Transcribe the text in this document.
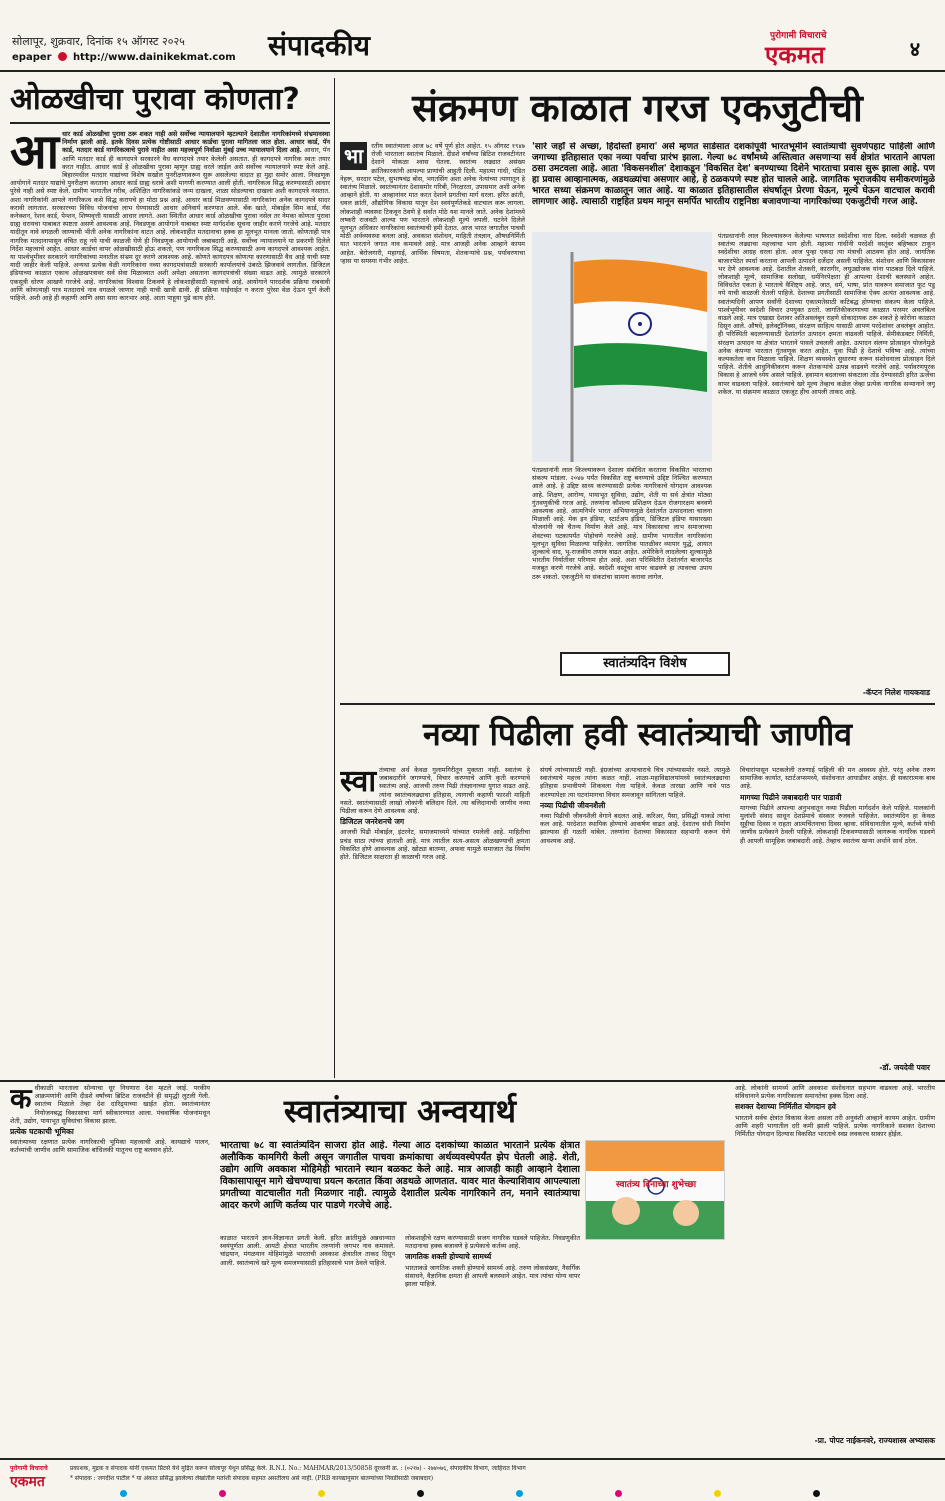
सोलापूर, शुक्रवार, दिनांक १५ ऑगस्ट २०२५
epaper http://www.dainikekmat.com संपादकीय	पुरोगामी विचाराचे
एकमत	४
ओळखीचा पुरावा कोणता?
आ धार कार्ड ओळखीचा पुरावा ठरू शकत नाही असे सर्वोच्च न्यायालयाने म्हटल्याने देशातील नागरिकांमध्ये संभ्रमावस्था निर्माण झाली आहे. इतके दिवस प्रत्येक गोष्टीसाठी आधार कार्डचा पुरावा मागितला जात होता. आधार कार्ड, पॅन कार्ड, मतदार कार्ड नागरिकत्वाचे पुरावे नाहीत असा महत्त्वपूर्ण निर्वाळा मुंबई उच्च न्यायालयाने दिला आहे. आधार, पॅन आणि मतदार कार्ड ही कागदपत्रे सरकारने वैध कागदपत्रे तयार केलेली असतात. ही कागदपत्रे नागरिक स्वतः तयार करत नाहीत. आधार कार्ड हे ओळखीचा पुरावा म्हणून ग्राह्य धरले जाईल असे सर्वोच्च न्यायालयाने स्पष्ट केले आहे. बिहारमधील मतदार याद्यांच्या विशेष सखोल पुनरीक्षणावरून सुरू असलेल्या वादात हा मुद्दा समोर आला. निवडणूक आयोगाने मतदार याद्यांचे पुनरीक्षण करताना आधार कार्ड ग्राह्य धरावे अशी मागणी करण्यात आली होती. नागरिकत्व सिद्ध करण्यासाठी आधार पुरेसे नाही असे स्पष्ट केले. ग्रामीण भागातील गरीब, अशिक्षित नागरिकांकडे जन्म दाखला, शाळा सोडल्याचा दाखला अशी कागदपत्रे नसतात. अशा नागरिकांनी आपले नागरिकत्व कसे सिद्ध करायचे हा मोठा प्रश्न आहे. आधार कार्ड मिळवण्यासाठी नागरिकांना अनेक कागदपत्रे सादर करावी लागतात. सरकारच्या विविध योजनांचा लाभ घेण्यासाठी आधार अनिवार्य करण्यात आले. बँक खाते, मोबाईल सिम कार्ड, गॅस कनेक्शन, रेशन कार्ड, पेन्शन, शिष्यवृत्ती यासाठी आधार लागते. अशा स्थितीत आधार कार्ड ओळखीचा पुरावा नसेल तर नेमका कोणता पुरावा ग्राह्य धरायचा याबाबत स्पष्टता असणे आवश्यक आहे. निवडणूक आयोगाने याबाबत स्पष्ट मार्गदर्शक सूचना जाहीर करणे गरजेचे आहे. मतदार यादीतून नावे वगळली जाण्याची भीती अनेक नागरिकांना वाटत आहे. लोकशाहीत मतदानाचा हक्क हा मूलभूत मानला जातो. कोणताही पात्र नागरिक मतदानापासून वंचित राहू नये याची काळजी घेणे ही निवडणूक आयोगाची जबाबदारी आहे. सर्वोच्च न्यायालयाने या प्रकरणी दिलेले निर्देश महत्त्वाचे आहेत. आधार कार्डचा वापर ओळखीसाठी होऊ शकतो, पण नागरिकत्व सिद्ध करण्यासाठी अन्य कागदपत्रे आवश्यक आहेत. या पार्श्वभूमीवर सरकारने नागरिकांच्या मनातील संभ्रम दूर करणे आवश्यक आहे. कोणते कागदपत्र कोणत्या कारणासाठी वैध आहे याची स्पष्ट यादी जाहीर केली पाहिजे. अन्यथा प्रत्येक वेळी नागरिकांना नव्या कागदपत्रांसाठी सरकारी कार्यालयांचे उंबरठे झिजवावे लागतील. डिजिटल इंडियाच्या काळात एकाच ओळखपत्रावर सर्व सेवा मिळाव्यात अशी अपेक्षा असताना कागदपत्रांची संख्या वाढत आहे. त्यामुळे सरकारने एकसूत्री धोरण आखणे गरजेचे आहे. नागरिकांचा विश्वास टिकवणे हे लोकशाहीसाठी महत्त्वाचे आहे. आयोगाने पारदर्शक प्रक्रिया राबवावी आणि कोणत्याही पात्र मतदाराचे नाव वगळले जाणार नाही याची खात्री द्यावी. ही प्रक्रिया घाईघाईत न करता पुरेसा वेळ देऊन पूर्ण केली पाहिजे. अशी आहे ही कहाणी आणि असा सारा कारभार आहे. आता पाहूया पुढे काय होते.
संक्रमण काळात गरज एकजुटीची
भा	रतीय स्वातंत्र्याला आज ७८ वर्षे पूर्ण होत आहेत. १५ ऑगस्ट १९४७ रोजी भारताला स्वातंत्र्य मिळाले. दीडशे वर्षांच्या ब्रिटिश राजवटीनंतर देशाने मोकळा श्वास घेतला. स्वातंत्र्य लढ्यात असंख्य क्रांतिकारकांनी आपल्या प्राणांची आहुती दिली. महात्मा गांधी, पंडित नेहरू, सरदार पटेल, सुभाषचंद्र बोस, भगतसिंग अशा अनेक नेत्यांच्या त्यागातून हे स्वातंत्र्य मिळाले. स्वातंत्र्यानंतर देशासमोर गरिबी, निरक्षरता, उपासमार अशी अनेक आव्हाने होती. या आव्हानांवर मात करत देशाने प्रगतीचा मार्ग धरला. हरित क्रांती, धवल क्रांती, औद्योगिक विकास यातून देश स्वयंपूर्णतेकडे वाटचाल करू लागला. लोकशाही व्यवस्था टिकवून ठेवणे हे सर्वात मोठे यश मानले जाते. अनेक देशांमध्ये लष्करी राजवटी आल्या पण भारताने लोकशाही मूल्ये जपली. घटनेने दिलेले मूलभूत अधिकार नागरिकांना स्वातंत्र्याची हमी देतात. आज भारत जगातील पाचवी मोठी अर्थव्यवस्था बनला आहे. अवकाश संशोधन, माहिती तंत्रज्ञान, औषधनिर्मिती यात भारताने जगात नाव कमावले आहे. मात्र आजही अनेक आव्हाने कायम आहेत. बेरोजगारी, महागाई, आर्थिक विषमता, शेतकऱ्यांचे प्रश्न, पर्यावरणाचा ऱ्हास या समस्या गंभीर आहेत.
'सारे जहाँ से अच्छा, हिंदोस्ताँ हमारा' असे म्हणत साडेसात दशकांपूर्वी भारतभूमीने स्वातंत्र्याची सुवर्णपहाट पाहिली आणि जगाच्या इतिहासात एका नव्या पर्वाचा प्रारंभ झाला. गेल्या ७८ वर्षांमध्ये अस्तित्वात असणाऱ्या सर्व क्षेत्रांत भारताने आपला ठसा उमटवला आहे. आता 'विकसनशील' देशाकडून 'विकसित देश' बनण्याच्या दिशेने भारताचा प्रवास सुरू झाला आहे. पण हा प्रवास आव्हानात्मक, अडथळ्यांचा असणार आहे, हे ठळकपणे स्पष्ट होत चालले आहे. जागतिक भूराजकीय समीकरणांमुळे भारत सध्या संक्रमण काळातून जात आहे. या काळात इतिहासातील संघर्षातून प्रेरणा घेऊन, मूल्ये घेऊन वाटचाल करावी लागणार आहे. त्यासाठी राष्ट्रहित प्रथम मानून समर्पित भारतीय राष्ट्रनिष्ठा बजावणाऱ्या नागरिकांच्या एकजुटीची गरज आहे.
पंतप्रधानांनी लाल किल्ल्यावरून देशाला संबोधित करताना विकसित भारताचा संकल्प मांडला. २०४७ पर्यंत विकसित राष्ट्र बनण्याचे उद्दिष्ट निश्चित करण्यात आले आहे. हे उद्दिष्ट साध्य करण्यासाठी प्रत्येक नागरिकाचे योगदान आवश्यक आहे. शिक्षण, आरोग्य, पायाभूत सुविधा, उद्योग, शेती या सर्व क्षेत्रांत मोठ्या गुंतवणुकीची गरज आहे. तरुणांना कौशल्य प्रशिक्षण देऊन रोजगारक्षम बनवणे आवश्यक आहे. आत्मनिर्भर भारत अभियानामुळे देशांतर्गत उत्पादनाला चालना मिळाली आहे. मेक इन इंडिया, स्टार्टअप इंडिया, डिजिटल इंडिया यासारख्या योजनांनी नवे चैतन्य निर्माण केले आहे. मात्र विकासाचा लाभ समाजाच्या शेवटच्या घटकापर्यंत पोहोचणे गरजेचे आहे. ग्रामीण भागातील नागरिकांना मूलभूत सुविधा मिळाल्या पाहिजेत. जागतिक पातळीवर व्यापार युद्धे, आयात शुल्काचे वाद, भू-राजकीय तणाव वाढत आहेत. अमेरिकेने लादलेल्या शुल्कामुळे भारतीय निर्यातीवर परिणाम होत आहे. अशा परिस्थितीत देशांतर्गत बाजारपेठ मजबूत करणे गरजेचे आहे. स्वदेशी वस्तूंचा वापर वाढवणे हा त्यावरचा उपाय ठरू शकतो. एकजुटीने या संकटांचा सामना करावा लागेल.
पंतप्रधानांनी लाल किल्ल्यावरून केलेल्या भाषणात स्वदेशीचा नारा दिला. स्वदेशी चळवळ ही स्वातंत्र्य लढ्याचा महत्त्वाचा भाग होती. महात्मा गांधींनी परदेशी वस्तूंवर बहिष्कार टाकून स्वदेशीचा आग्रह धरला होता. आज पुन्हा एकदा त्या मंत्राची आठवण होत आहे. जागतिक बाजारपेठेत स्पर्धा करताना आपली उत्पादने दर्जेदार असली पाहिजेत. संशोधन आणि विकासावर भर देणे आवश्यक आहे. देशातील शेतकरी, कारागीर, लघुउद्योजक यांना पाठबळ दिले पाहिजे. लोकशाही मूल्ये, सामाजिक सलोखा, धर्मनिरपेक्षता ही आपल्या देशाची बलस्थाने आहेत. विविधतेत एकता हे भारताचे वैशिष्ट्य आहे. जात, धर्म, भाषा, प्रांत यावरून समाजात फूट पडू नये याची काळजी घेतली पाहिजे. देशाच्या प्रगतीसाठी सामाजिक ऐक्य अत्यंत आवश्यक आहे. स्वातंत्र्यदिनी आपण सर्वांनी देशाच्या एकात्मतेसाठी कटिबद्ध होण्याचा संकल्प केला पाहिजे. पार्श्वभूमीवर स्वदेशी विचार उपयुक्त ठरतो. जागतिकीकरणाच्या काळात परस्पर अवलंबित्व वाढले आहे. मात्र एखाद्या देशावर अतिअवलंबून राहणे धोकादायक ठरू शकते हे कोरोना काळात दिसून आले. औषधे, इलेक्ट्रॉनिक्स, संरक्षण साहित्य यासाठी आपण परदेशांवर अवलंबून आहोत. ही परिस्थिती बदलण्यासाठी देशांतर्गत उत्पादन क्षमता वाढवली पाहिजे. सेमीकंडक्टर निर्मिती, संरक्षण उत्पादन या क्षेत्रांत भारताने पावले उचलली आहेत. उत्पादन संलग्न प्रोत्साहन योजनेमुळे अनेक कंपन्या भारतात गुंतवणूक करत आहेत. युवा पिढी हे देशाचे भविष्य आहे. त्यांच्या कल्पकतेला वाव मिळाला पाहिजे. शिक्षण व्यवस्थेत सुधारणा करून संशोधनाला प्रोत्साहन दिले पाहिजे. शेतीचे आधुनिकीकरण करून शेतकऱ्यांचे उत्पन्न वाढवणे गरजेचे आहे. पर्यावरणपूरक विकास हे आजचे ध्येय असले पाहिजे. हवामान बदलाच्या संकटाला तोंड देण्यासाठी हरित ऊर्जेचा वापर वाढवला पाहिजे. स्वातंत्र्याचे खरे मूल्य तेव्हाच कळेल जेव्हा प्रत्येक नागरिक सन्मानाने जगू शकेल. या संक्रमण काळात एकजूट हीच आपली ताकद आहे.
स्वातंत्र्यदिन विशेष
-कॅप्टन निलेश गायकवाड
नव्या पिढीला हवी स्वातंत्र्याची जाणीव
स्वा तंत्र्याचा अर्थ केवळ गुलामगिरीतून मुक्तता नाही. स्वातंत्र्य हे जबाबदारीने जगण्याचे, विचार करण्याचे आणि कृती करण्याचे स्वातंत्र्य आहे. आजची तरुण पिढी तंत्रज्ञानाच्या युगात वाढत आहे. त्यांना स्वातंत्र्यलढ्याचा इतिहास, त्यागाची कहाणी फारशी माहिती नसते. स्वातंत्र्यासाठी लाखो लोकांनी बलिदान दिले. त्या बलिदानाची जाणीव नव्या पिढीला करून देणे आवश्यक आहे.
डिजिटल जनरेशनचे जग
आजची पिढी मोबाईल, इंटरनेट, समाजमाध्यमे यांच्यात रमलेली आहे. माहितीचा प्रचंड साठा त्यांच्या हाताशी आहे. मात्र त्यातील सत्य-असत्य ओळखण्याची क्षमता विकसित होणे आवश्यक आहे. खोट्या बातम्या, अफवा यामुळे समाजात तेढ निर्माण होते. डिजिटल साक्षरता ही काळाची गरज आहे.
संघर्ष त्यांच्यासाठी नाही. इंग्रजांच्या अत्याचाराचे चित्र त्यांच्यासमोर नसते. त्यामुळे स्वातंत्र्याचे महत्त्व त्यांना कळत नाही. शाळा-महाविद्यालयांमध्ये स्वातंत्र्यलढ्याचा इतिहास प्रभावीपणे शिकवला गेला पाहिजे. केवळ तारखा आणि नावे पाठ करण्यापेक्षा त्या घटनांमागचा विचार समजावून सांगितला पाहिजे.
नव्या पिढीची जीवनशैली
नव्या पिढीची जीवनशैली वेगाने बदलत आहे. करिअर, पैसा, प्रसिद्धी याकडे त्यांचा कल आहे. परदेशात स्थायिक होण्याचे आकर्षण वाढत आहे. देशातच संधी निर्माण झाल्यास ही गळती थांबेल. तरुणांना देशाच्या विकासात सहभागी करून घेणे आवश्यक आहे.
विचारांपासून भटकलेली तरुणाई पाहिली की मन अस्वस्थ होते. परंतु अनेक तरुण सामाजिक कार्यात, स्टार्टअप्समध्ये, संशोधनात आघाडीवर आहेत. ही सकारात्मक बाब आहे.
मागच्या पिढीने जबाबदारी पार पाडावी
मागच्या पिढीने आपल्या अनुभवातून नव्या पिढीला मार्गदर्शन केले पाहिजे. पालकांनी मुलांशी संवाद साधून देशप्रेमाचे संस्कार रुजवले पाहिजेत. स्वातंत्र्यदिन हा केवळ सुट्टीचा दिवस न राहता आत्मचिंतनाचा दिवस व्हावा. संविधानातील मूल्ये, कर्तव्ये यांची जाणीव प्रत्येकाने ठेवली पाहिजे. लोकशाही टिकवण्यासाठी जागरूक नागरिक घडवणे ही आपली सामूहिक जबाबदारी आहे. तेव्हाच स्वातंत्र्य खऱ्या अर्थाने सार्थ ठरेल.
-डॉ. जयदेवी पवार
क धीकाळी भारताला सोन्याचा धूर निघणारा देश म्हटले जाई. परकीय आक्रमणांनी आणि दीडशे वर्षांच्या ब्रिटिश राजवटीने ही समृद्धी लुटली गेली. स्वातंत्र्य मिळाले तेव्हा देश दारिद्र्याच्या खाईत होता. स्वातंत्र्यानंतर नियोजनबद्ध विकासाचा मार्ग स्वीकारण्यात आला. पंचवार्षिक योजनांमधून शेती, उद्योग, पायाभूत सुविधांचा विकास झाला.
प्रत्येक घटकाची भूमिका
स्वातंत्र्याच्या रक्षणात प्रत्येक नागरिकाची भूमिका महत्त्वाची आहे. कायद्याचे पालन, कर्तव्यांची जाणीव आणि सामाजिक बांधिलकी यातूनच राष्ट्र बलवान होते.
स्वातंत्र्याचा अन्वयार्थ
भारताचा ७८ वा स्वातंत्र्यदिन साजरा होत आहे. गेल्या आठ दशकांच्या काळात भारताने प्रत्येक क्षेत्रात अलौकिक कामगिरी केली असून जगातील पाचवा क्रमांकाचा अर्थव्यवस्थेपर्यंत झेप घेतली आहे. शेती, उद्योग आणि अवकाश मोहिमेही भारताने स्थान बळकट केले आहे. मात्र आजही काही आव्हाने देशाला विकासापासून मागे खेचण्याचा प्रयत्न करतात किंवा अडथळे आणतात. यावर मात केल्याशिवाय आपल्याला प्रगतीच्या वाटचालीत गती मिळणार नाही. त्यामुळे देशातील प्रत्येक नागरिकाने तन, मनाने स्वातंत्र्याचा आदर करणे आणि कर्तव्य पार पाडणे गरजेचे आहे.
स्वातंत्र्य दिनाच्या शुभेच्छा
काळात भारताने ज्ञान-विज्ञानात प्रगती केली. हरित क्रांतीमुळे अन्नधान्यात स्वयंपूर्णता आली. आयटी क्षेत्रात भारतीय तरुणांनी जगभर नाव कमावले. चांद्रयान, मंगळयान मोहिमांमुळे भारताची अवकाश क्षेत्रातील ताकद दिसून आली. स्वातंत्र्याचे खरे मूल्य समजण्यासाठी इतिहासाचे भान ठेवले पाहिजे.
लोकशाहीचे रक्षण करण्यासाठी सजग नागरिक घडवले पाहिजेत. निवडणुकीत मतदानाचा हक्क बजावणे हे प्रत्येकाचे कर्तव्य आहे.
जागतिक शक्ती होण्याचे सामर्थ्य
भारताकडे जागतिक शक्ती होण्याचे सामर्थ्य आहे. तरुण लोकसंख्या, नैसर्गिक संसाधने, वैज्ञानिक क्षमता ही आपली बलस्थाने आहेत. मात्र त्यांचा योग्य वापर झाला पाहिजे.
आहे. लोकांनी सामर्थ्य आणि अवकाश संशोधनात सहभाग वाढवला आहे. भारतीय संविधानाने प्रत्येक नागरिकाला समानतेचा हक्क दिला आहे.
सशक्त देशाच्या निर्मितीत योगदान हवे
भारताने सर्वच क्षेत्रांत विकास केला असला तरी अनुवंशी आव्हाने कायम आहेत. ग्रामीण आणि शहरी भागातील दरी कमी झाली पाहिजे. प्रत्येक नागरिकाने सशक्त देशाच्या निर्मितीत योगदान दिल्यास विकसित भारताचे स्वप्न लवकरच साकार होईल.
-प्रा. पोपट नाईकनवरे, राज्यशास्त्र अभ्यासक
पुरोगामी विचाराचे
एकमत
प्रकाशक, मुद्रक व संपादक यांनी एकमत प्रिंटर्स येथे मुद्रित करून सोलापूर येथून प्रसिद्ध केले. R.N.I. No.: MAHMAR/2013/50858 दूरध्वनी क्र. : (०२१७) - २७४०७६, संपादकीय विभाग, जाहिरात विभाग
* संपादक : जगदीश पाटील * या अंकात प्रसिद्ध झालेल्या लेखांतील मतांशी संपादक सहमत असतीलच असे नाही. (PRB कायद्यानुसार बातम्यांच्या निवडीसाठी जबाबदार)
